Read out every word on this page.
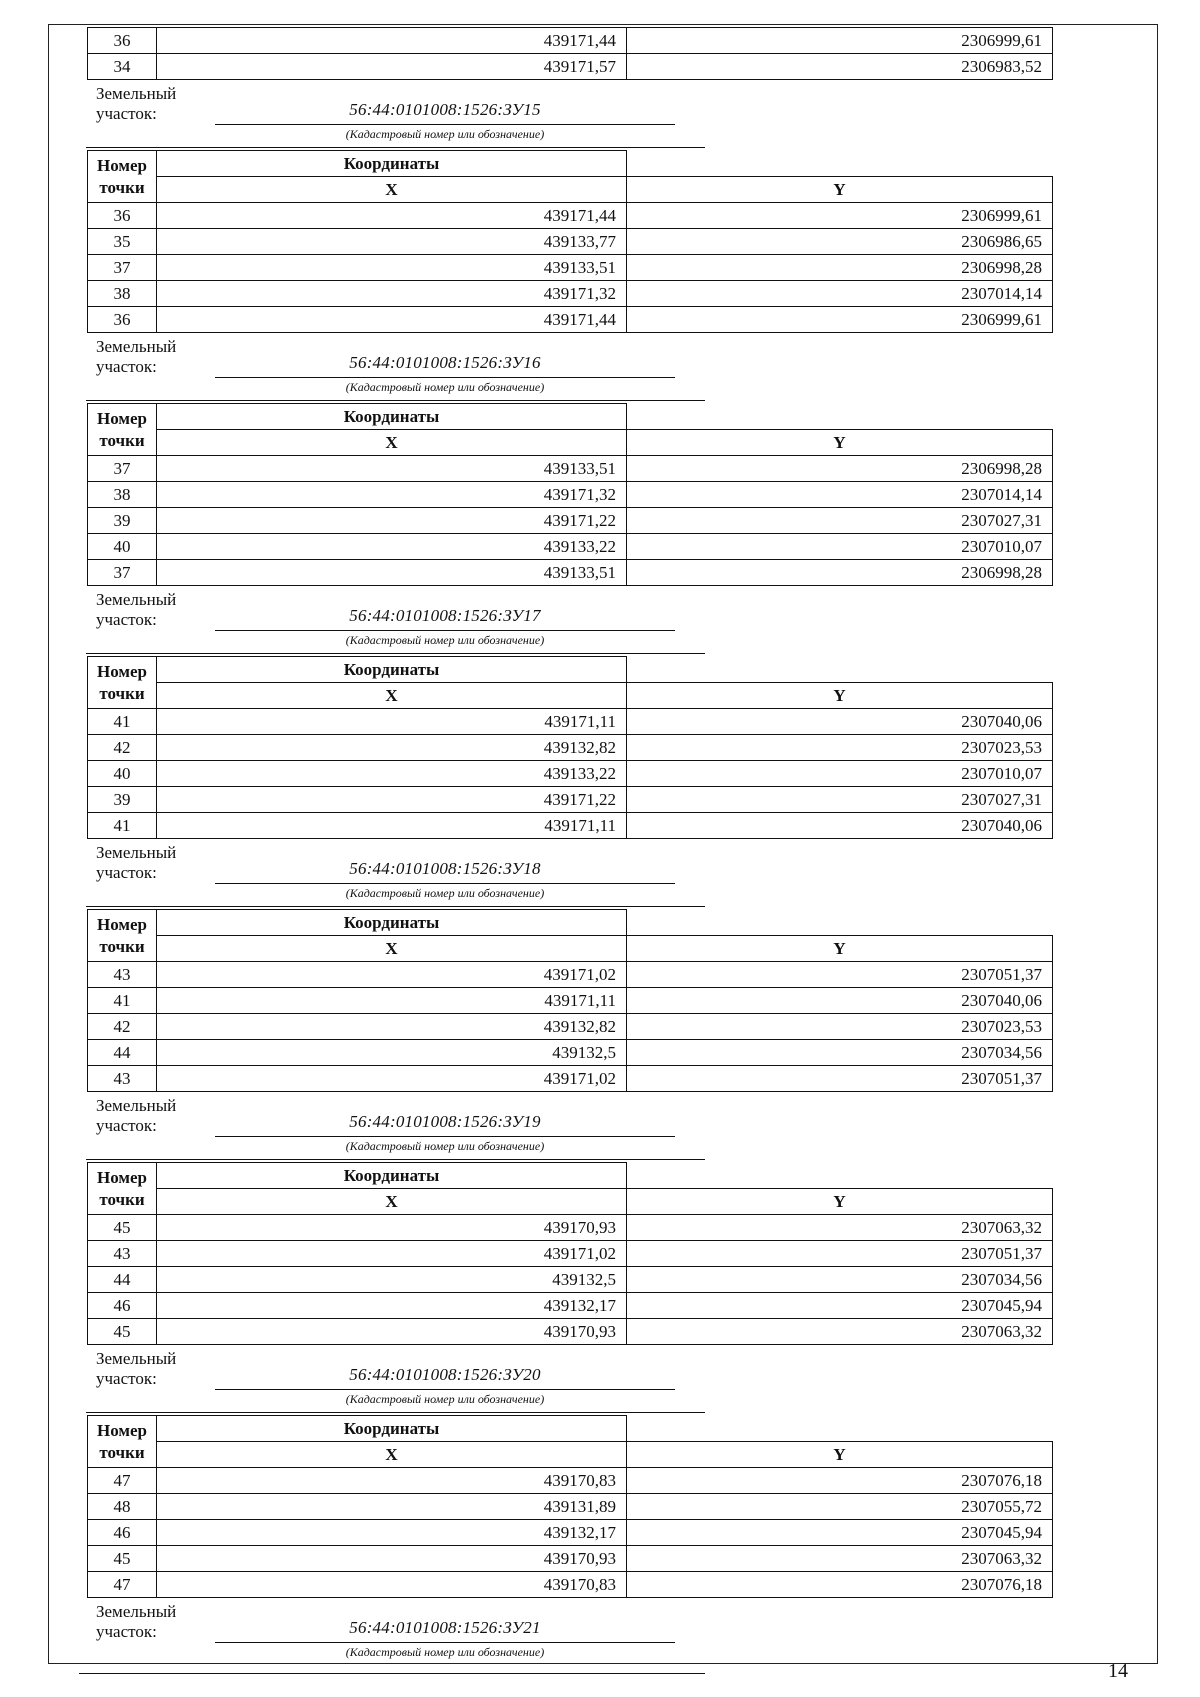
36	439171,44	2306999,61
34	439171,57	2306983,52
Земельный
участок:	56:44:0101008:1526:ЗУ15
(Кадастровый номер или обозначение)
Номер
точки	Координаты	
	X	Y
36	439171,44	2306999,61
35	439133,77	2306986,65
37	439133,51	2306998,28
38	439171,32	2307014,14
36	439171,44	2306999,61
Земельный
участок:	56:44:0101008:1526:ЗУ16
(Кадастровый номер или обозначение)
Номер
точки	Координаты	
	X	Y
37	439133,51	2306998,28
38	439171,32	2307014,14
39	439171,22	2307027,31
40	439133,22	2307010,07
37	439133,51	2306998,28
Земельный
участок:	56:44:0101008:1526:ЗУ17
(Кадастровый номер или обозначение)
Номер
точки	Координаты	
	X	Y
41	439171,11	2307040,06
42	439132,82	2307023,53
40	439133,22	2307010,07
39	439171,22	2307027,31
41	439171,11	2307040,06
Земельный
участок:	56:44:0101008:1526:ЗУ18
(Кадастровый номер или обозначение)
Номер
точки	Координаты	
	X	Y
43	439171,02	2307051,37
41	439171,11	2307040,06
42	439132,82	2307023,53
44	439132,5	2307034,56
43	439171,02	2307051,37
Земельный
участок:	56:44:0101008:1526:ЗУ19
(Кадастровый номер или обозначение)
Номер
точки	Координаты	
	X	Y
45	439170,93	2307063,32
43	439171,02	2307051,37
44	439132,5	2307034,56
46	439132,17	2307045,94
45	439170,93	2307063,32
Земельный
участок:	56:44:0101008:1526:ЗУ20
(Кадастровый номер или обозначение)
Номер
точки	Координаты	
	X	Y
47	439170,83	2307076,18
48	439131,89	2307055,72
46	439132,17	2307045,94
45	439170,93	2307063,32
47	439170,83	2307076,18
Земельный
участок:	56:44:0101008:1526:ЗУ21
(Кадастровый номер или обозначение)
14
